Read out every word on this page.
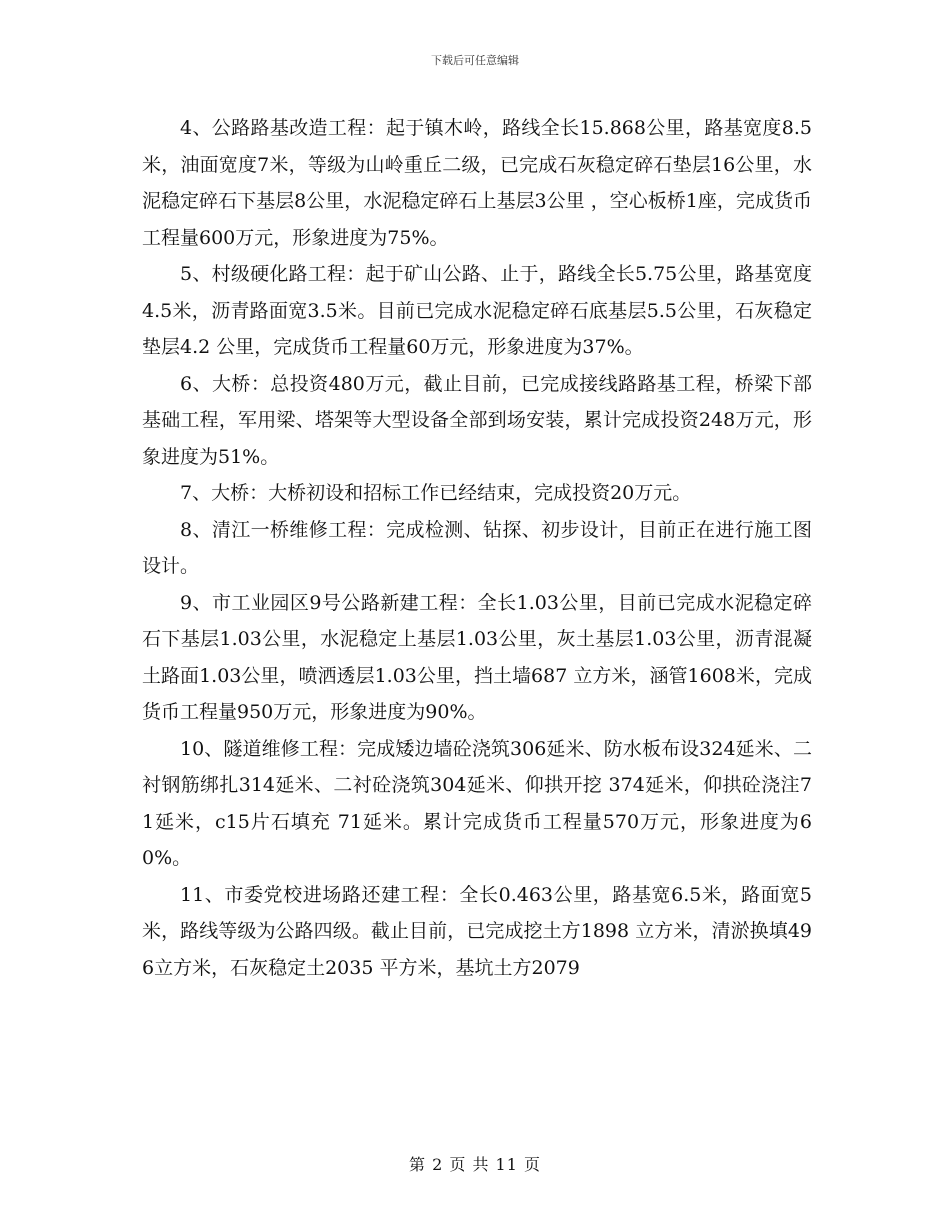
下载后可任意编辑

4、公路路基改造工程：起于镇木岭，路线全长15.868公里，路基宽度8.5米，油面宽度7米，等级为山岭重丘二级，已完成石灰稳定碎石垫层16公里，水泥稳定碎石下基层8公里，水泥稳定碎石上基层3公里 ，空心板桥1座，完成货币工程量600万元，形象进度为75%。

5、村级硬化路工程：起于矿山公路、止于，路线全长5.75公里，路基宽度4.5米，沥青路面宽3.5米。目前已完成水泥稳定碎石底基层5.5公里，石灰稳定垫层4.2 公里，完成货币工程量60万元，形象进度为37%。

6、大桥：总投资480万元，截止目前，已完成接线路路基工程，桥梁下部基础工程，军用梁、塔架等大型设备全部到场安装，累计完成投资248万元，形象进度为51%。

7、大桥：大桥初设和招标工作已经结束，完成投资20万元。

8、清江一桥维修工程：完成检测、钻探、初步设计，目前正在进行施工图设计。

9、市工业园区9号公路新建工程：全长1.03公里，目前已完成水泥稳定碎石下基层1.03公里，水泥稳定上基层1.03公里，灰土基层1.03公里，沥青混凝土路面1.03公里，喷洒透层1.03公里，挡土墙687 立方米，涵管1608米，完成货币工程量950万元，形象进度为90%。

10、隧道维修工程：完成矮边墙砼浇筑306延米、防水板布设324延米、二衬钢筋绑扎314延米、二衬砼浇筑304延米、仰拱开挖 374延米，仰拱砼浇注71延米，c15片石填充 71延米。累计完成货币工程量570万元，形象进度为60%。

11、市委党校进场路还建工程：全长0.463公里，路基宽6.5米，路面宽5米，路线等级为公路四级。截止目前，已完成挖土方1898 立方米，清淤换填496立方米，石灰稳定土2035 平方米，基坑土方2079

第 2 页 共 11 页
